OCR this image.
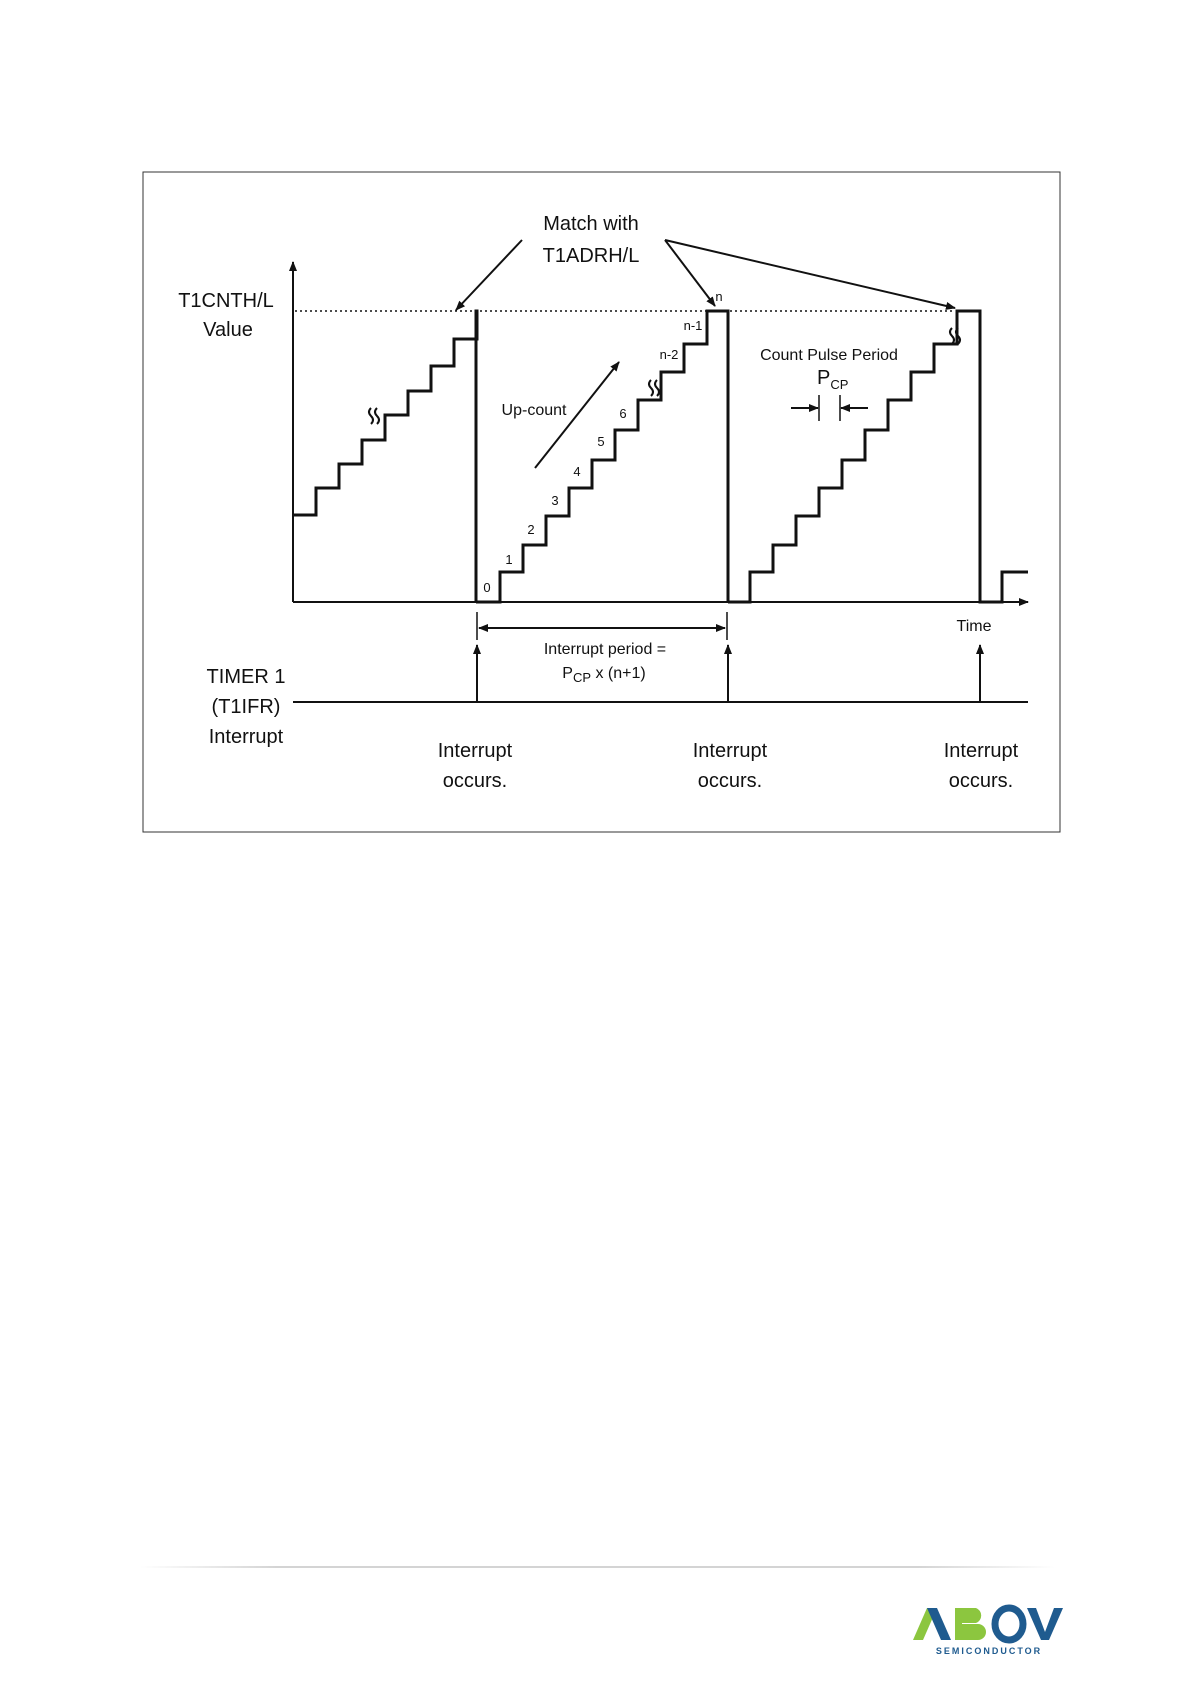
T1CNTH/L
Value
Match with
T1ADRH/L
Up-count
Count Pulse Period
$P_{CP}$
0
1
2
3
4
5
6
n-2
n-1
n
Interrupt period =
$P_{CP}$ x (n+1)
Time
TIMER 1
(T1IFR)
Interrupt
Interrupt
occurs.
Interrupt
occurs.
Interrupt
occurs.
SEMICONDUCTOR
